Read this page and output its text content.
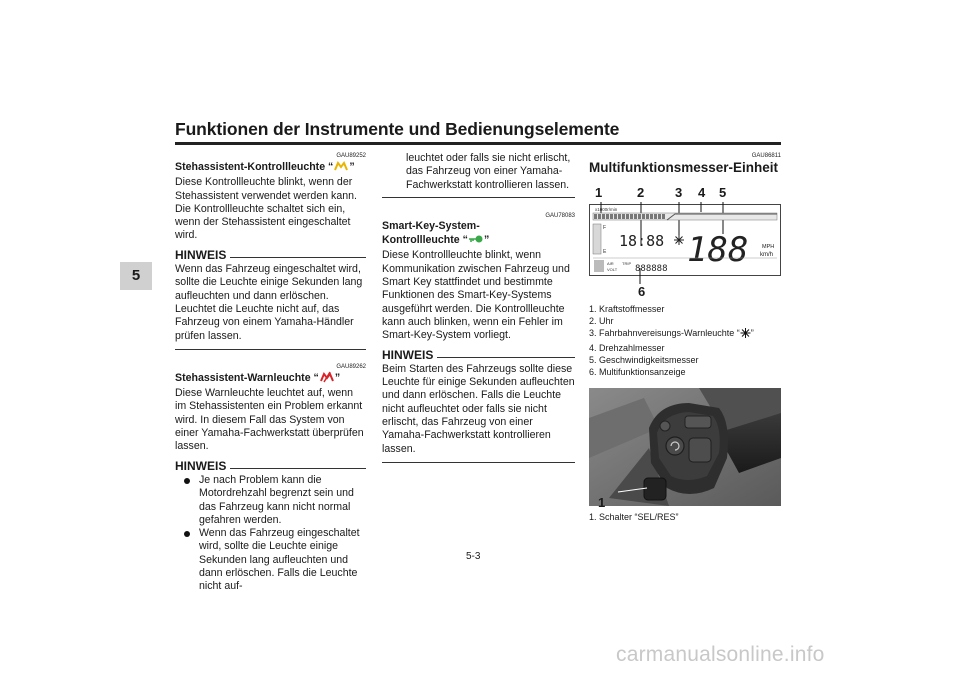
Funktionen der Instrumente und Bedienungselemente
5
GAU89252
Stehassistent-Kontrollleuchte “ ”

Diese Kontrollleuchte blinkt, wenn der Stehassistent verwendet werden kann. Die Kontrollleuchte schaltet sich ein, wenn der Stehassistent eingeschaltet wird.

HINWEIS

Wenn das Fahrzeug eingeschaltet wird, sollte die Leuchte einige Sekunden lang aufleuchten und dann erlöschen. Leuchtet die Leuchte nicht auf, das Fahrzeug von einem Yamaha-Händler prüfen lassen.

GAU89262
Stehassistent-Warnleuchte “ ”

Diese Warnleuchte leuchtet auf, wenn im Stehassistenten ein Problem erkannt wird. In diesem Fall das System von einer Yamaha-Fachwerkstatt überprüfen lassen.

HINWEIS
Je nach Problem kann die Motordrehzahl begrenzt sein und das Fahrzeug kann nicht normal gefahren werden.
Wenn das Fahrzeug eingeschaltet wird, sollte die Leuchte einige Sekunden lang aufleuchten und dann erlöschen. Falls die Leuchte nicht auf-

leuchtet oder falls sie nicht erlischt, das Fahrzeug von einer Yamaha-Fachwerkstatt kontrollieren lassen.

GAU78083
Smart-Key-System-
Kontrollleuchte “ ”

Diese Kontrollleuchte blinkt, wenn Kommunikation zwischen Fahrzeug und Smart Key stattfindet und bestimmte Funktionen des Smart-Key-Systems ausgeführt werden. Die Kontrollleuchte kann auch blinken, wenn ein Fehler im Smart-Key-System vorliegt.

HINWEIS

Beim Starten des Fahrzeugs sollte diese Leuchte für einige Sekunden aufleuchten und dann erlöschen. Falls die Leuchte nicht aufleuchtet oder falls sie nicht erlischt, das Fahrzeug von einer Yamaha-Fachwerkstatt kontrollieren lassen.

GAU86811
Multifunktionsmesser-Einheit
1	2 3 4 5
6
x1000r/min
F
E
18:88 188 MPH
km/h
AIR TRIP
VOLT 888888
1. Kraftstoffmesser
2. Uhr
3. Fahrbahnvereisungs-Warnleuchte “ ”
4. Drehzahlmesser
5. Geschwindigkeitsmesser
6. Multifunktionsanzeige
1
1. Schalter “SEL/RES”
5-3
carmanualsonline.info
